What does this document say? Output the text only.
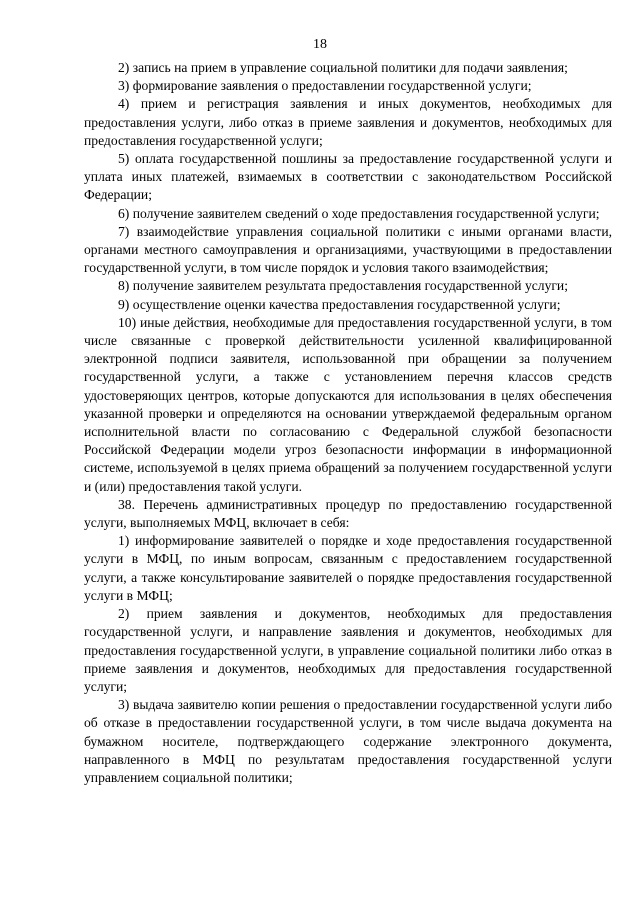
18

2) запись на прием в управление социальной политики для подачи заявления;

3) формирование заявления о предоставлении государственной услуги;

4) прием и регистрация заявления и иных документов, необходимых для предоставления услуги, либо отказ в приеме заявления и документов, необходимых для предоставления государственной услуги;

5) оплата государственной пошлины за предоставление государственной услуги и уплата иных платежей, взимаемых в соответствии с законодательством Российской Федерации;

6) получение заявителем сведений о ходе предоставления государственной услуги;

7) взаимодействие управления социальной политики с иными органами власти, органами местного самоуправления и организациями, участвующими в предоставлении государственной услуги, в том числе порядок и условия такого взаимодействия;

8) получение заявителем результата предоставления государственной услуги;

9) осуществление оценки качества предоставления государственной услуги;

10) иные действия, необходимые для предоставления государственной услуги, в том числе связанные с проверкой действительности усиленной квалифицированной электронной подписи заявителя, использованной при обращении за получением государственной услуги, а также с установлением перечня классов средств удостоверяющих центров, которые допускаются для использования в целях обеспечения указанной проверки и определяются на основании утверждаемой федеральным органом исполнительной власти по согласованию с Федеральной службой безопасности Российской Федерации модели угроз безопасности информации в информационной системе, используемой в целях приема обращений за получением государственной услуги и (или) предоставления такой услуги.

38. Перечень административных процедур по предоставлению государственной услуги, выполняемых МФЦ, включает в себя:

1) информирование заявителей о порядке и ходе предоставления государственной услуги в МФЦ, по иным вопросам, связанным с предоставлением государственной услуги, а также консультирование заявителей о порядке предоставления государственной услуги в МФЦ;

2) прием заявления и документов, необходимых для предоставления государственной услуги, и направление заявления и документов, необходимых для предоставления государственной услуги, в управление социальной политики либо отказ в приеме заявления и документов, необходимых для предоставления государственной услуги;

3) выдача заявителю копии решения о предоставлении государственной услуги либо об отказе в предоставлении государственной услуги, в том числе выдача документа на бумажном носителе, подтверждающего содержание электронного документа, направленного в МФЦ по результатам предоставления государственной услуги управлением социальной политики;
